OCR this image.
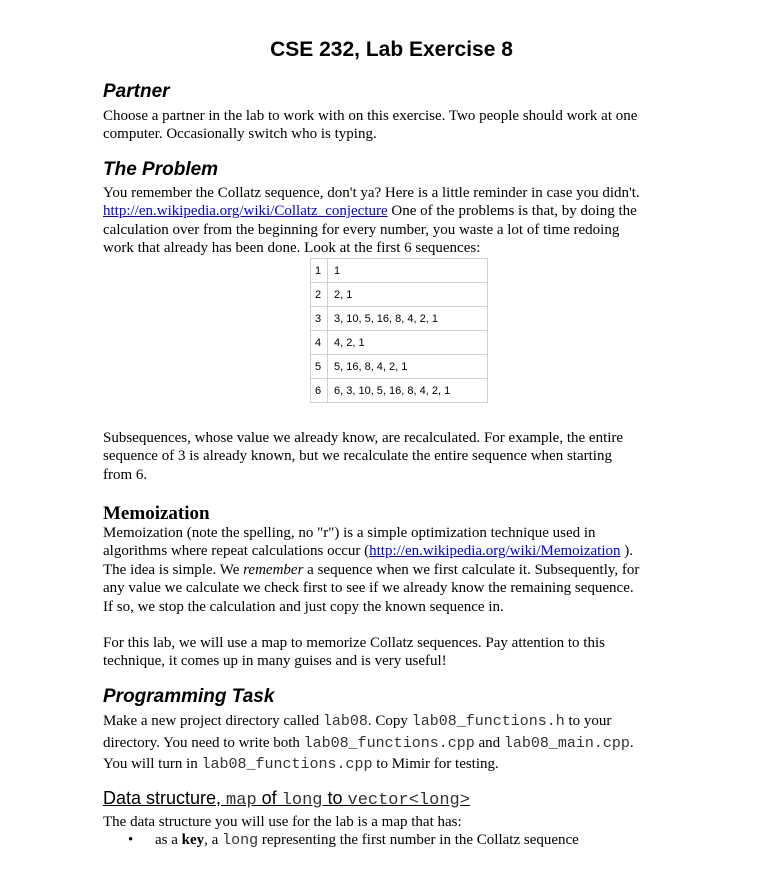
CSE 232, Lab Exercise 8
Partner
Choose a partner in the lab to work with on this exercise. Two people should work at one
computer. Occasionally switch who is typing.
The Problem
You remember the Collatz sequence, don't ya? Here is a little reminder in case you didn't.
http://en.wikipedia.org/wiki/Collatz_conjecture One of the problems is that, by doing the
calculation over from the beginning for every number, you waste a lot of time redoing
work that already has been done. Look at the first 6 sequences:
1	1
2	2, 1
3	3, 10, 5, 16, 8, 4, 2, 1
4	4, 2, 1
5	5, 16, 8, 4, 2, 1
6	6, 3, 10, 5, 16, 8, 4, 2, 1
Subsequences, whose value we already know, are recalculated. For example, the entire
sequence of 3 is already known, but we recalculate the entire sequence when starting
from 6.
Memoization
Memoization (note the spelling, no "r") is a simple optimization technique used in
algorithms where repeat calculations occur (http://en.wikipedia.org/wiki/Memoization ).
The idea is simple. We remember a sequence when we first calculate it. Subsequently, for
any value we calculate we check first to see if we already know the remaining sequence.
If so, we stop the calculation and just copy the known sequence in.
For this lab, we will use a map to memorize Collatz sequences. Pay attention to this
technique, it comes up in many guises and is very useful!
Programming Task
Make a new project directory called lab08. Copy lab08_functions.h to your
directory. You need to write both lab08_functions.cpp and lab08_main.cpp.
You will turn in lab08_functions.cpp to Mimir for testing.
Data structure, map of long to vector<long>
The data structure you will use for the lab is a map that has:
• as a key, a long representing the first number in the Collatz sequence
